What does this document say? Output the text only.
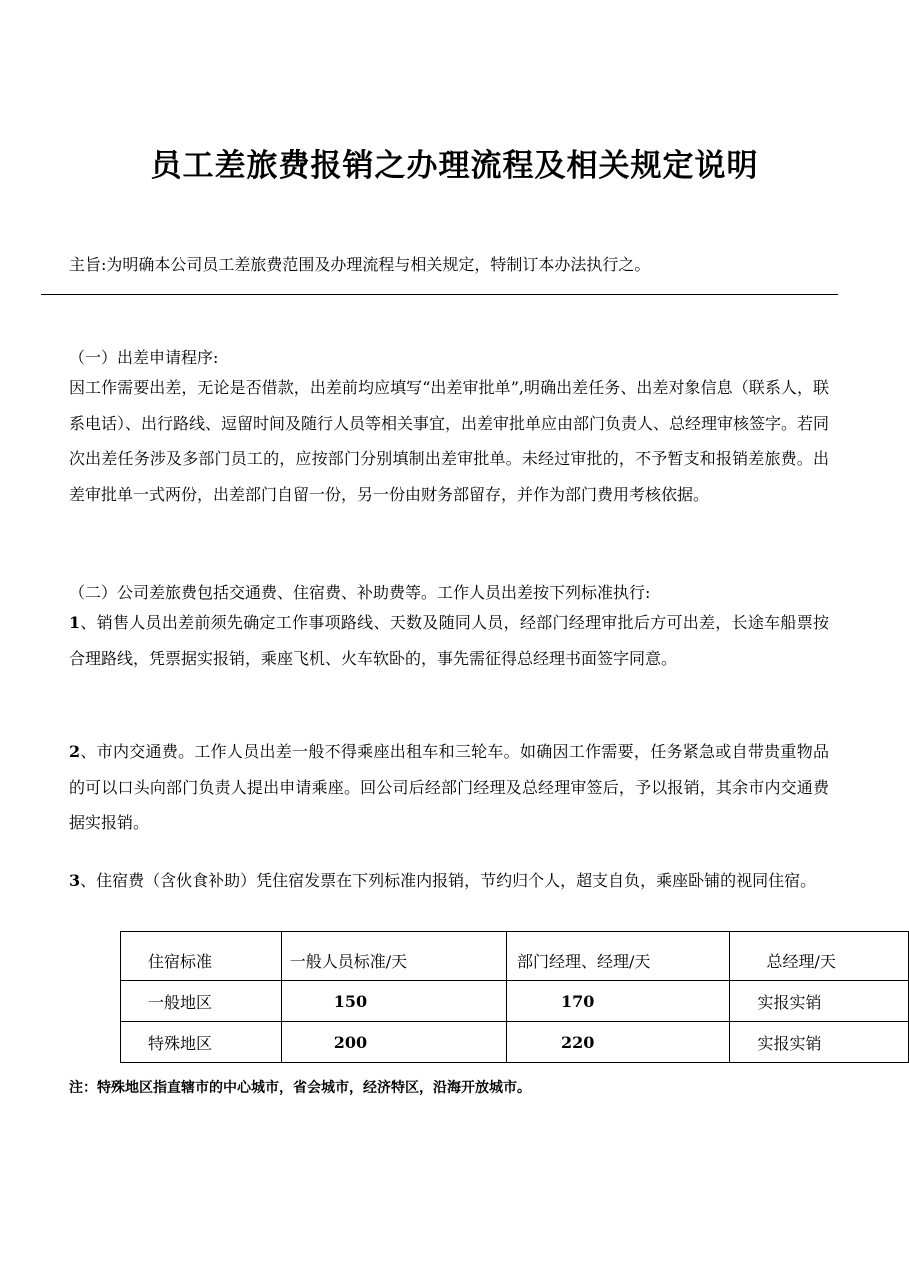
员工差旅费报销之办理流程及相关规定说明
主旨:为明确本公司员工差旅费范围及办理流程与相关规定，特制订本办法执行之。
（一）出差申请程序:

因工作需要出差，无论是否借款，出差前均应填写“出差审批单”,明确出差任务、出差对象信息（联系人，联系电话）、出行路线、逗留时间及随行人员等相关事宜，出差审批单应由部门负责人、总经理审核签字。若同次出差任务涉及多部门员工的，应按部门分别填制出差审批单。未经过审批的，不予暂支和报销差旅费。出差审批单一式两份，出差部门自留一份，另一份由财务部留存，并作为部门费用考核依据。

（二）公司差旅费包括交通费、住宿费、补助费等。工作人员出差按下列标准执行:

1、销售人员出差前须先确定工作事项路线、天数及随同人员，经部门经理审批后方可出差，长途车船票按合理路线，凭票据实报销，乘座飞机、火车软卧的，事先需征得总经理书面签字同意。

2、市内交通费。工作人员出差一般不得乘座出租车和三轮车。如确因工作需要，任务紧急或自带贵重物品的可以口头向部门负责人提出申请乘座。回公司后经部门经理及总经理审签后，予以报销，其余市内交通费据实报销。

3、住宿费（含伙食补助）凭住宿发票在下列标准内报销，节约归个人，超支自负，乘座卧铺的视同住宿。

住宿标准	一般人员标准/天	部门经理、经理/天	总经理/天
一般地区	150	170	实报实销
特殊地区	200	220	实报实销
注：特殊地区指直辖市的中心城市，省会城市，经济特区，沿海开放城市。
